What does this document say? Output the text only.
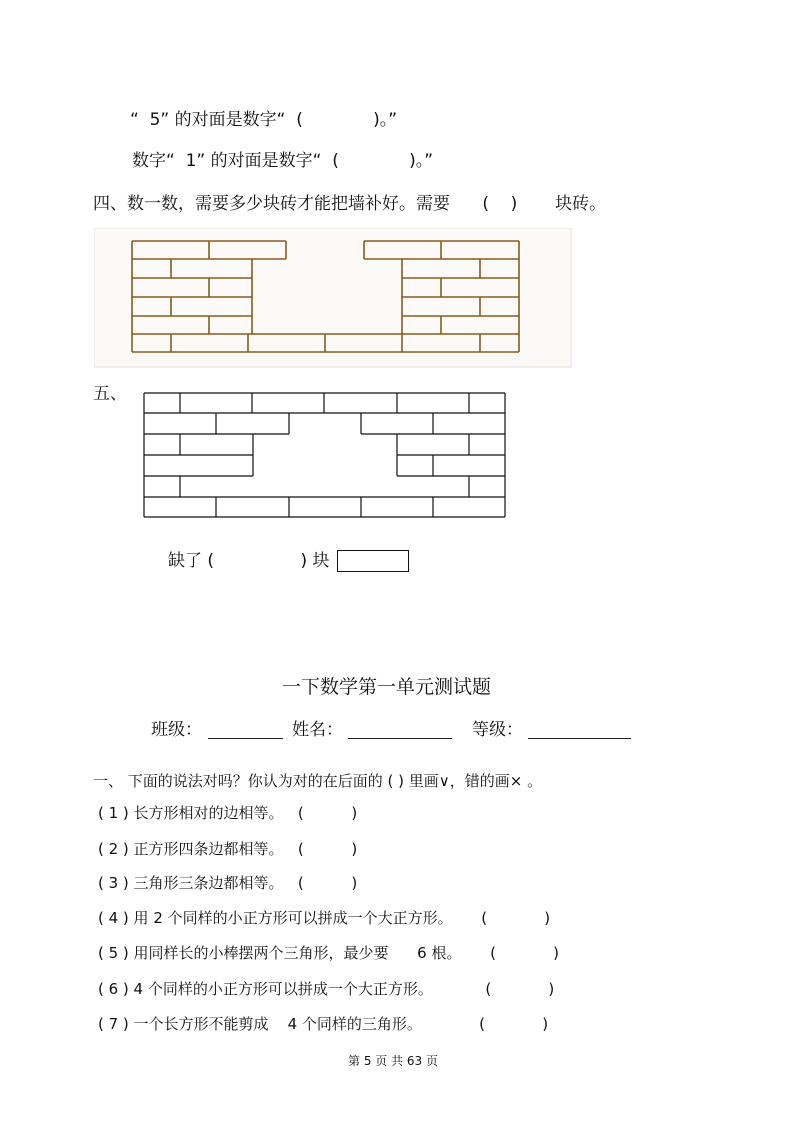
“  5” 的对面是数字“  (             )。”
数字“  1” 的对面是数字“  (             )。”
四、数一数，需要多少块砖才能把墙补好。需要      (    )       块砖。
五、
缺了 (                ) 块
一下数学第一单元测试题
班级：	姓名：	等级：
一、 下面的说法对吗？你认为对的在后面的 ( ) 里画∨，错的画× 。
( 1 ) 长方形相对的边相等。   (          )
( 2 ) 正方形四条边都相等。   (          )
( 3 ) 三角形三条边都相等。   (          )
( 4 ) 用 2 个同样的小正方形可以拼成一个大正方形。      (            )
( 5 ) 用同样长的小棒摆两个三角形，最少要      6 根。      (            )
( 6 ) 4 个同样的小正方形可以拼成一个大正方形。           (            )
( 7 ) 一个长方形不能剪成    4 个同样的三角形。            (            )
第 5 页 共 63 页
